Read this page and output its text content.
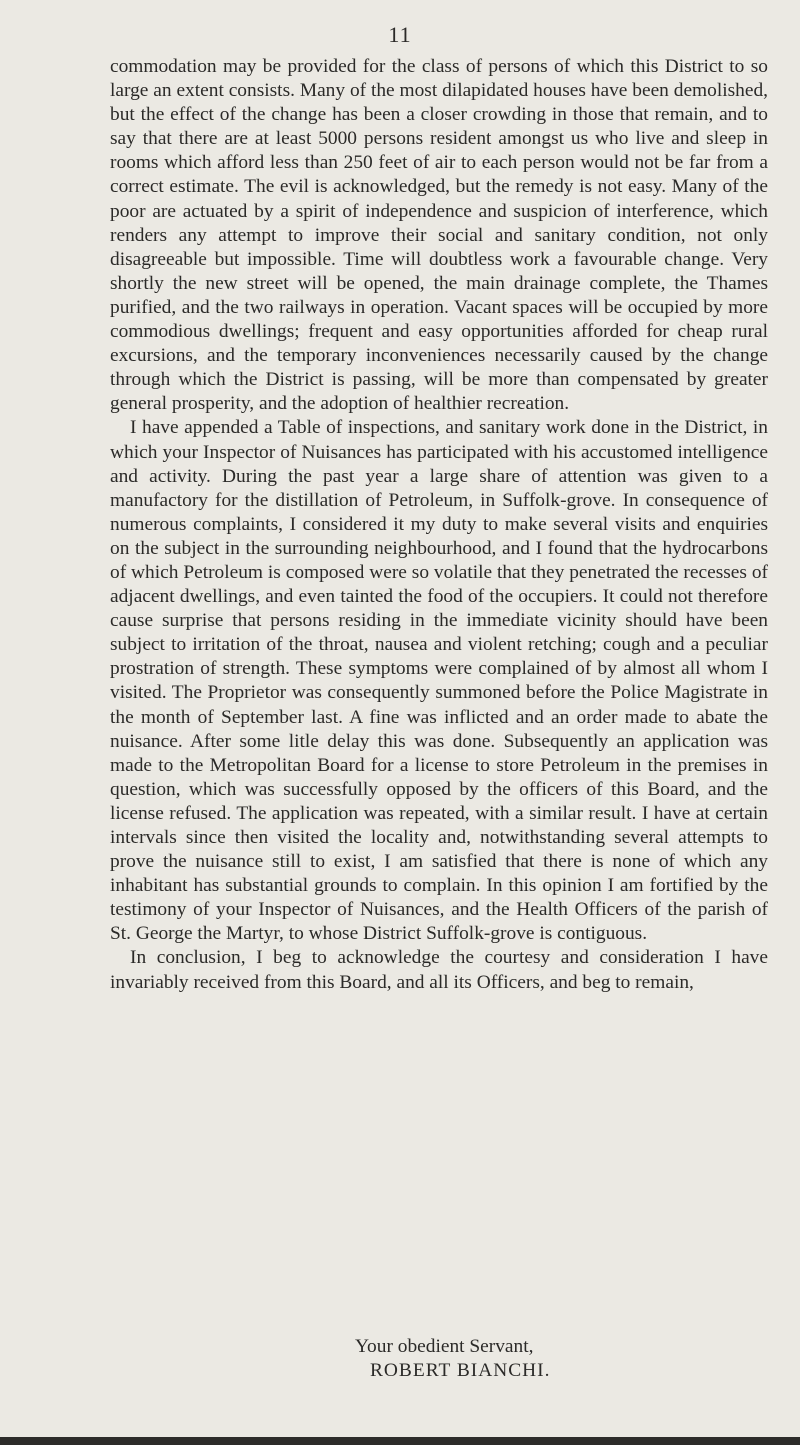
11

commodation may be provided for the class of persons of which this District to so large an extent consists. Many of the most dilapidated houses have been demolished, but the effect of the change has been a closer crowding in those that remain, and to say that there are at least 5000 persons resident amongst us who live and sleep in rooms which afford less than 250 feet of air to each person would not be far from a correct estimate. The evil is acknowledged, but the remedy is not easy. Many of the poor are actuated by a spirit of independence and suspicion of interference, which renders any attempt to improve their social and sanitary condition, not only disagreeable but impossible. Time will doubtless work a favourable change. Very shortly the new street will be opened, the main drainage complete, the Thames purified, and the two railways in operation. Vacant spaces will be occupied by more commodious dwellings; frequent and easy opportunities afforded for cheap rural excursions, and the temporary inconveniences necessarily caused by the change through which the District is passing, will be more than compensated by greater general prosperity, and the adoption of healthier recreation.

I have appended a Table of inspections, and sanitary work done in the District, in which your Inspector of Nuisances has participated with his accustomed intelligence and activity. During the past year a large share of attention was given to a manufactory for the distillation of Petroleum, in Suffolk-grove. In consequence of numerous complaints, I considered it my duty to make several visits and enquiries on the subject in the surrounding neighbourhood, and I found that the hydrocarbons of which Petroleum is composed were so volatile that they penetrated the recesses of adjacent dwellings, and even tainted the food of the occupiers. It could not therefore cause surprise that persons residing in the immediate vicinity should have been subject to irritation of the throat, nausea and violent retching; cough and a peculiar prostration of strength. These symptoms were complained of by almost all whom I visited. The Proprietor was consequently summoned before the Police Magistrate in the month of September last. A fine was inflicted and an order made to abate the nuisance. After some litle delay this was done. Subsequently an application was made to the Metropolitan Board for a license to store Petroleum in the premises in question, which was successfully opposed by the officers of this Board, and the license refused. The application was repeated, with a similar result. I have at certain intervals since then visited the locality and, notwithstanding several attempts to prove the nuisance still to exist, I am satisfied that there is none of which any inhabitant has substantial grounds to complain. In this opinion I am fortified by the testimony of your Inspector of Nuisances, and the Health Officers of the parish of St. George the Martyr, to whose District Suffolk-grove is contiguous.

In conclusion, I beg to acknowledge the courtesy and consideration I have invariably received from this Board, and all its Officers, and beg to remain,

Your obedient Servant,
ROBERT BIANCHI.
